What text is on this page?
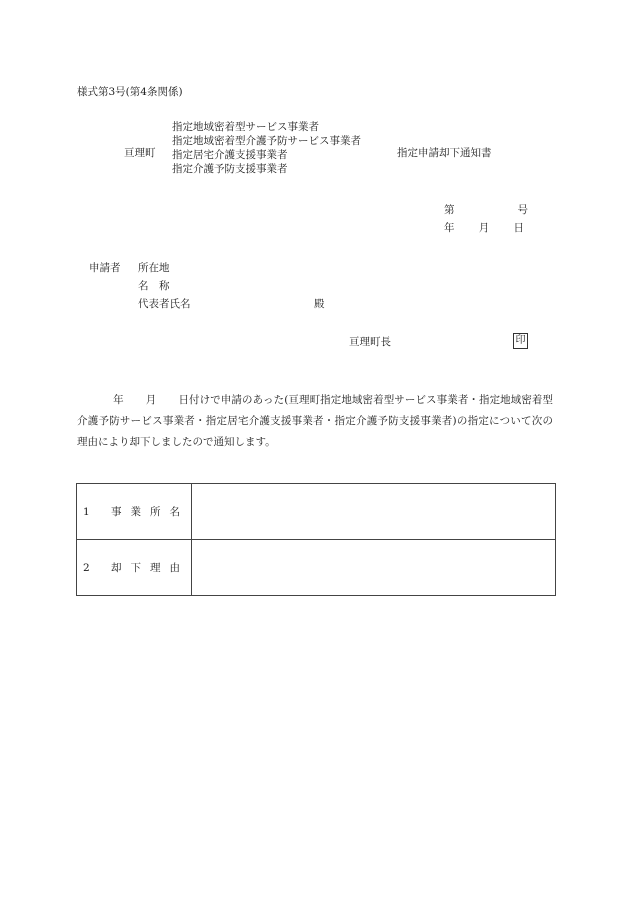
様式第3号(第4条関係)
亘理町
指定地域密着型サービス事業者
指定地域密着型介護予防サービス事業者
指定居宅介護支援事業者
指定介護予防支援事業者
指定申請却下通知書
第	号
年 月 日
申請者 所在地
名　称
代表者氏名	殿
亘理町長	印
年 月 日付けで申請のあった(亘理町指定地域密着型サービス事業者・指定地域密着型介護予防サービス事業者・指定居宅介護支援事業者・指定介護予防支援事業者)の指定について次の理由により却下しましたので通知します。
1 事業所名	
2 却下理由	
